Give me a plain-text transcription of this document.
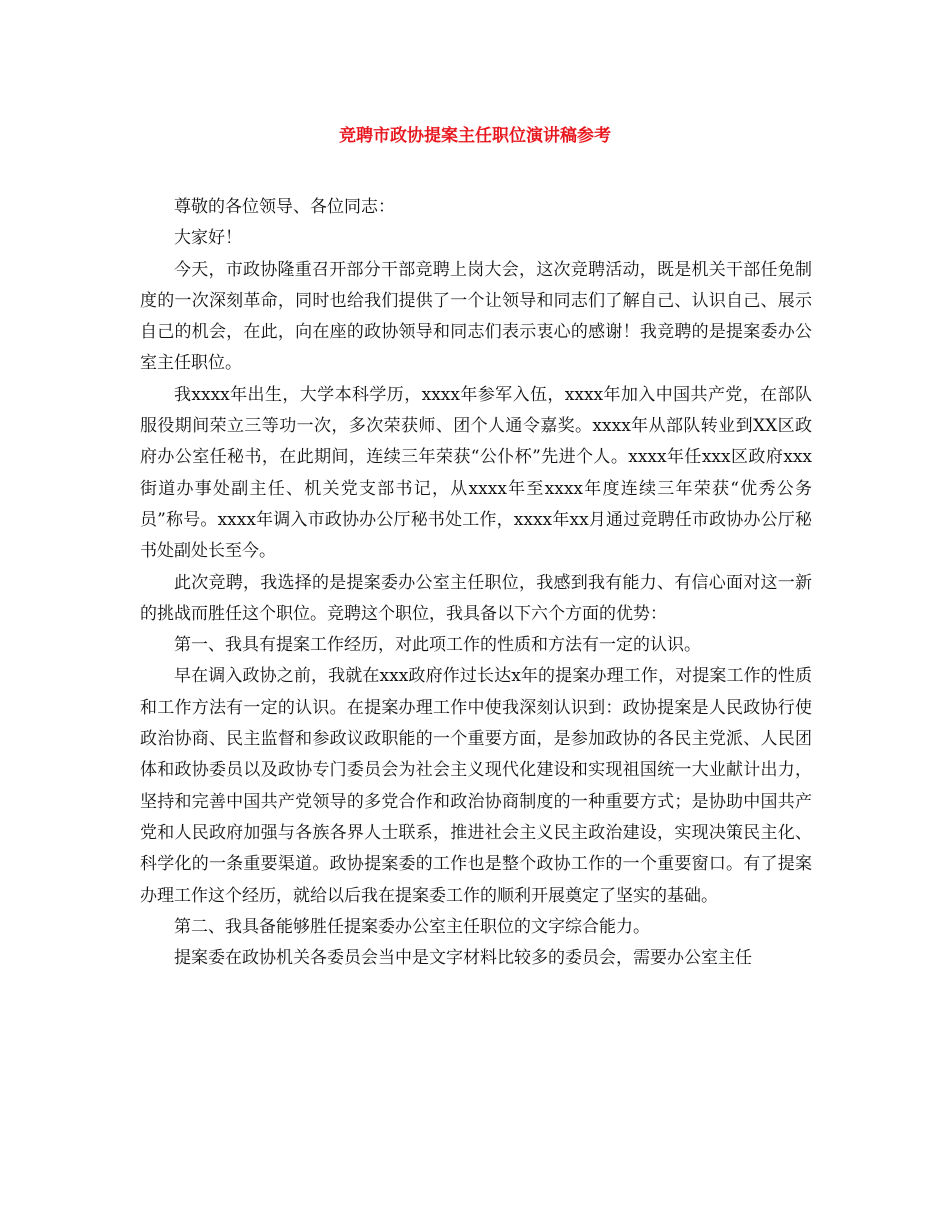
竞聘市政协提案主任职位演讲稿参考

尊敬的各位领导、各位同志：

大家好！

今天，市政协隆重召开部分干部竞聘上岗大会，这次竞聘活动，既是机关干部任免制度的一次深刻革命，同时也给我们提供了一个让领导和同志们了解自己、认识自己、展示自己的机会，在此，向在座的政协领导和同志们表示衷心的感谢！我竞聘的是提案委办公室主任职位。

我xxxx年出生，大学本科学历，xxxx年参军入伍，xxxx年加入中国共产党，在部队服役期间荣立三等功一次，多次荣获师、团个人通令嘉奖。xxxx年从部队转业到XX区政府办公室任秘书，在此期间，连续三年荣获“公仆杯”先进个人。xxxx年任xxx区政府xxx街道办事处副主任、机关党支部书记，从xxxx年至xxxx年度连续三年荣获“优秀公务员”称号。xxxx年调入市政协办公厅秘书处工作，xxxx年xx月通过竞聘任市政协办公厅秘书处副处长至今。

此次竞聘，我选择的是提案委办公室主任职位，我感到我有能力、有信心面对这一新的挑战而胜任这个职位。竞聘这个职位，我具备以下六个方面的优势：

第一、我具有提案工作经历，对此项工作的性质和方法有一定的认识。

早在调入政协之前，我就在xxx政府作过长达x年的提案办理工作，对提案工作的性质和工作方法有一定的认识。在提案办理工作中使我深刻认识到：政协提案是人民政协行使政治协商、民主监督和参政议政职能的一个重要方面，是参加政协的各民主党派、人民团体和政协委员以及政协专门委员会为社会主义现代化建设和实现祖国统一大业献计出力，坚持和完善中国共产党领导的多党合作和政治协商制度的一种重要方式；是协助中国共产党和人民政府加强与各族各界人士联系，推进社会主义民主政治建设，实现决策民主化、科学化的一条重要渠道。政协提案委的工作也是整个政协工作的一个重要窗口。有了提案办理工作这个经历，就给以后我在提案委工作的顺利开展奠定了坚实的基础。

第二、我具备能够胜任提案委办公室主任职位的文字综合能力。

提案委在政协机关各委员会当中是文字材料比较多的委员会，需要办公室主任
